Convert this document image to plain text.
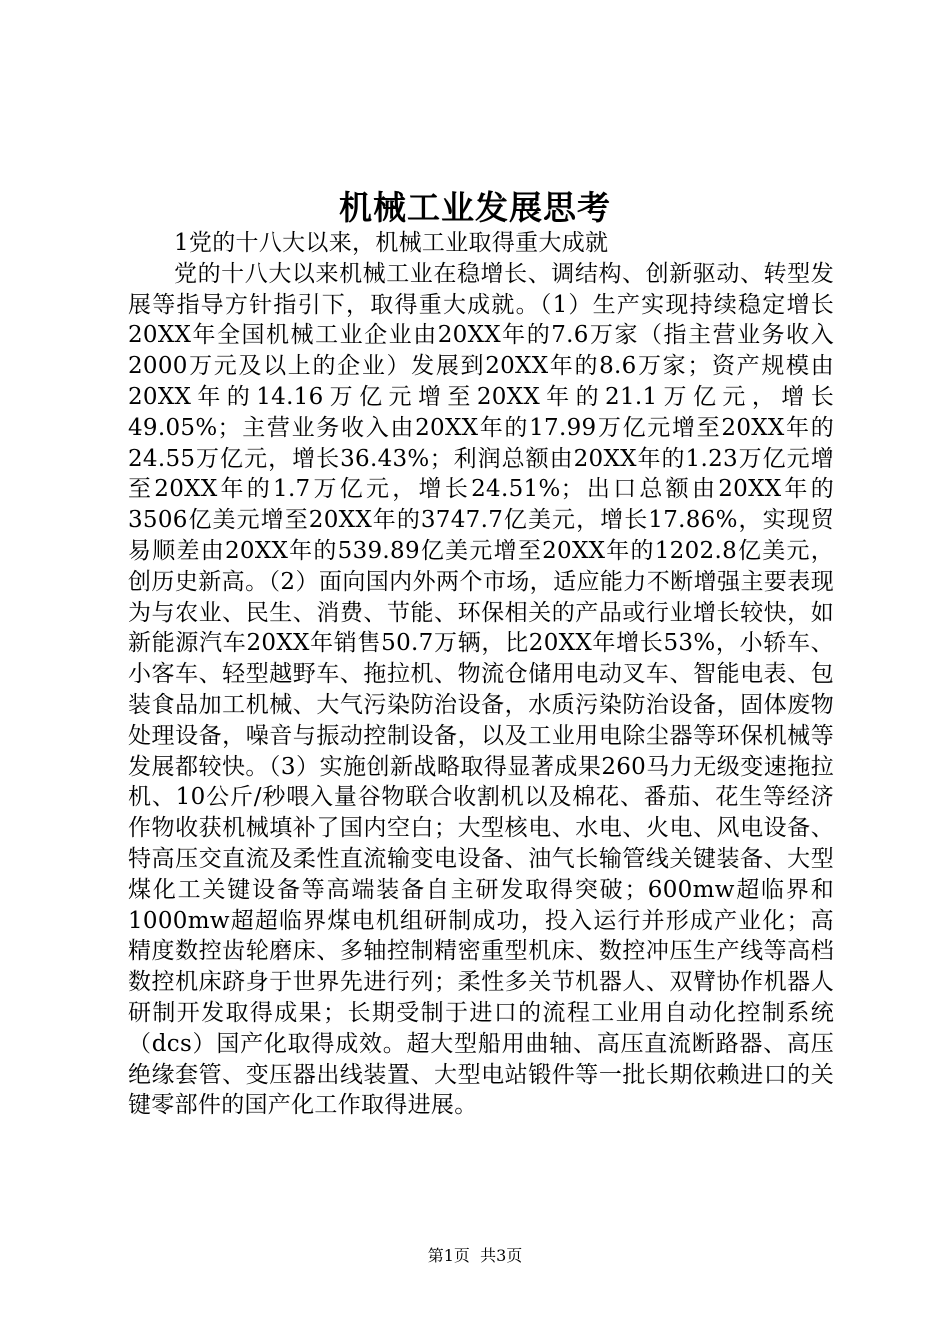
机械工业发展思考

1党的十八大以来，机械工业取得重大成就

党的十八大以来机械工业在稳增长、调结构、创新驱动、转型发展等指导方针指引下，取得重大成就。（1）生产实现持续稳定增长20XX年全国机械工业企业由20XX年的7.6万家（指主营业务收入2000万元及以上的企业）发展到20XX年的8.6万家；资产规模由20XX年的14.16万亿元增至20XX年的21.1万亿元，增长49.05%；主营业务收入由20XX年的17.99万亿元增至20XX年的24.55万亿元，增长36.43%；利润总额由20XX年的1.23万亿元增至20XX年的1.7万亿元，增长24.51%；出口总额由20XX年的3506亿美元增至20XX年的3747.7亿美元，增长17.86%，实现贸易顺差由20XX年的539.89亿美元增至20XX年的1202.8亿美元，创历史新高。（2）面向国内外两个市场，适应能力不断增强主要表现为与农业、民生、消费、节能、环保相关的产品或行业增长较快，如新能源汽车20XX年销售50.7万辆，比20XX年增长53%，小轿车、小客车、轻型越野车、拖拉机、物流仓储用电动叉车、智能电表、包装食品加工机械、大气污染防治设备，水质污染防治设备，固体废物处理设备，噪音与振动控制设备，以及工业用电除尘器等环保机械等发展都较快。（3）实施创新战略取得显著成果260马力无级变速拖拉机、10公斤/秒喂入量谷物联合收割机以及棉花、番茄、花生等经济作物收获机械填补了国内空白；大型核电、水电、火电、风电设备、特高压交直流及柔性直流输变电设备、油气长输管线关键装备、大型煤化工关键设备等高端装备自主研发取得突破；600mw超临界和1000mw超超临界煤电机组研制成功，投入运行并形成产业化；高精度数控齿轮磨床、多轴控制精密重型机床、数控冲压生产线等高档数控机床跻身于世界先进行列；柔性多关节机器人、双臂协作机器人研制开发取得成果；长期受制于进口的流程工业用自动化控制系统（dcs）国产化取得成效。超大型船用曲轴、高压直流断路器、高压绝缘套管、变压器出线装置、大型电站锻件等一批长期依赖进口的关键零部件的国产化工作取得进展。

第1页 共3页
